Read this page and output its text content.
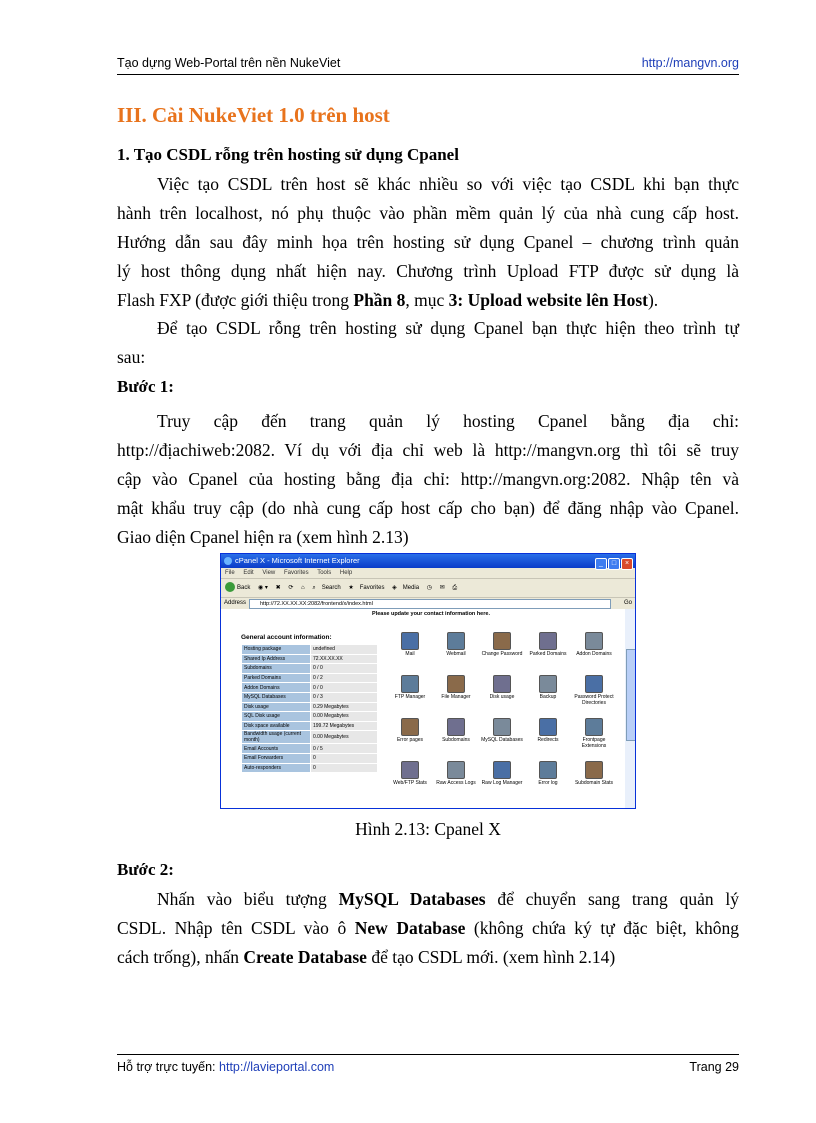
Tạo dựng Web-Portal trên nền NukeViet	http://mangvn.org
III. Cài NukeViet 1.0 trên host
1. Tạo CSDL rỗng trên hosting sử dụng Cpanel
Việc tạo CSDL trên host sẽ khác nhiều so với việc tạo CSDL khi bạn thực
hành trên localhost, nó phụ thuộc vào phần mềm quản lý của nhà cung cấp host.
Hướng dẫn sau đây minh họa trên hosting sử dụng Cpanel – chương trình quản
lý host thông dụng nhất hiện nay. Chương trình Upload FTP được sử dụng là
Flash FXP (được giới thiệu trong Phần 8, mục 3: Upload website lên Host).
Để tạo CSDL rỗng trên hosting sử dụng Cpanel bạn thực hiện theo trình tự
sau:
Bước 1:
Truy cập đến trang quản lý hosting Cpanel bằng địa chỉ:
http://địachiweb:2082. Ví dụ với địa chỉ web là http://mangvn.org thì tôi sẽ truy
cập vào Cpanel của hosting bằng địa chỉ: http://mangvn.org:2082. Nhập tên và
mật khẩu truy cập (do nhà cung cấp host cấp cho bạn) để đăng nhập vào Cpanel.
Giao diện Cpanel hiện ra (xem hình 2.13)
cPanel X - Microsoft Internet Explorer	_ □ ×
File Edit View Favorites Tools Help
Back ◉ ▾ ✖ ⟳ ⌂ ⌕ Search ★ Favorites ◈ Media ◷ ✉ ⎙
Address	http://72.XX.XX.XX:2082/frontend/x/index.html	Go
Please update your contact information here.
General account information:
Hosting package	undefined
Shared Ip Address	72.XX.XX.XX
Subdomains	0 / 0
Parked Domains	0 / 2
Addon Domains	0 / 0
MySQL Databases	0 / 3
Disk usage	0.29 Megabytes
SQL Disk usage	0.00 Megabytes
Disk space available	199.72 Megabytes
Bandwidth usage (current month)	0.00 Megabytes
Email Accounts	0 / 5
Email Forwarders	0
Auto-responders	0
Mail	Webmail	Change Password	Parked Domains	Addon Domains
FTP Manager	File Manager	Disk usage	Backup	Password Protect Directories
Error pages	Subdomains	MySQL Databases	Redirects	Frontpage Extensions
Web/FTP Stats	Raw Access Logs	Raw Log Manager	Error log	Subdomain Stats
Hình 2.13: Cpanel X
Bước 2:
Nhấn vào biểu tượng MySQL Databases để chuyển sang trang quản lý
CSDL. Nhập tên CSDL vào ô New Database (không chứa ký tự đặc biệt, không
cách trống), nhấn Create Database để tạo CSDL mới. (xem hình 2.14)
Hỗ trợ trực tuyến: http://lavieportal.com	Trang 29
